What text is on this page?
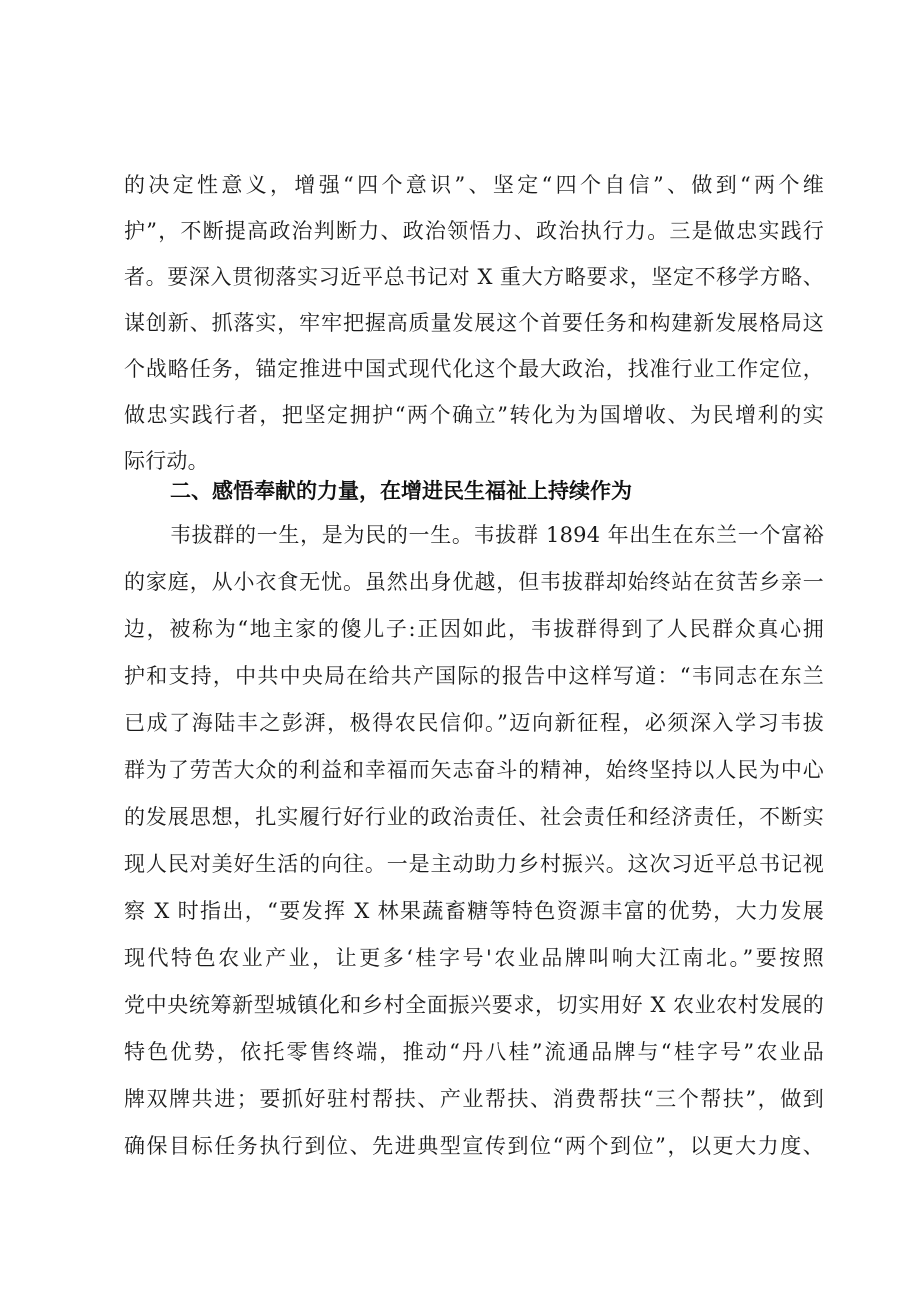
的决定性意义，增强“四个意识”、坚定“四个自信”、做到“两个维
护”，不断提高政治判断力、政治领悟力、政治执行力。三是做忠实践行
者。要深入贯彻落实习近平总书记对 X 重大方略要求，坚定不移学方略、
谋创新、抓落实，牢牢把握高质量发展这个首要任务和构建新发展格局这
个战略任务，锚定推进中国式现代化这个最大政治，找准行业工作定位，
做忠实践行者，把坚定拥护“两个确立”转化为为国增收、为民增利的实
际行动。
二、感悟奉献的力量，在增进民生福祉上持续作为
韦拔群的一生，是为民的一生。韦拔群 1894 年出生在东兰一个富裕
的家庭，从小衣食无忧。虽然出身优越，但韦拔群却始终站在贫苦乡亲一
边，被称为“地主家的傻儿子:正因如此，韦拔群得到了人民群众真心拥
护和支持，中共中央局在给共产国际的报告中这样写道：“韦同志在东兰
已成了海陆丰之彭湃，极得农民信仰。”迈向新征程，必须深入学习韦拔
群为了劳苦大众的利益和幸福而矢志奋斗的精神，始终坚持以人民为中心
的发展思想，扎实履行好行业的政治责任、社会责任和经济责任，不断实
现人民对美好生活的向往。一是主动助力乡村振兴。这次习近平总书记视
察 X 时指出，“要发挥 X 林果蔬畜糖等特色资源丰富的优势，大力发展
现代特色农业产业，让更多‘桂字号'农业品牌叫响大江南北。”要按照
党中央统筹新型城镇化和乡村全面振兴要求，切实用好 X 农业农村发展的
特色优势，依托零售终端，推动“丹八桂”流通品牌与“桂字号”农业品
牌双牌共进；要抓好驻村帮扶、产业帮扶、消费帮扶“三个帮扶”，做到
确保目标任务执行到位、先进典型宣传到位“两个到位”，以更大力度、
